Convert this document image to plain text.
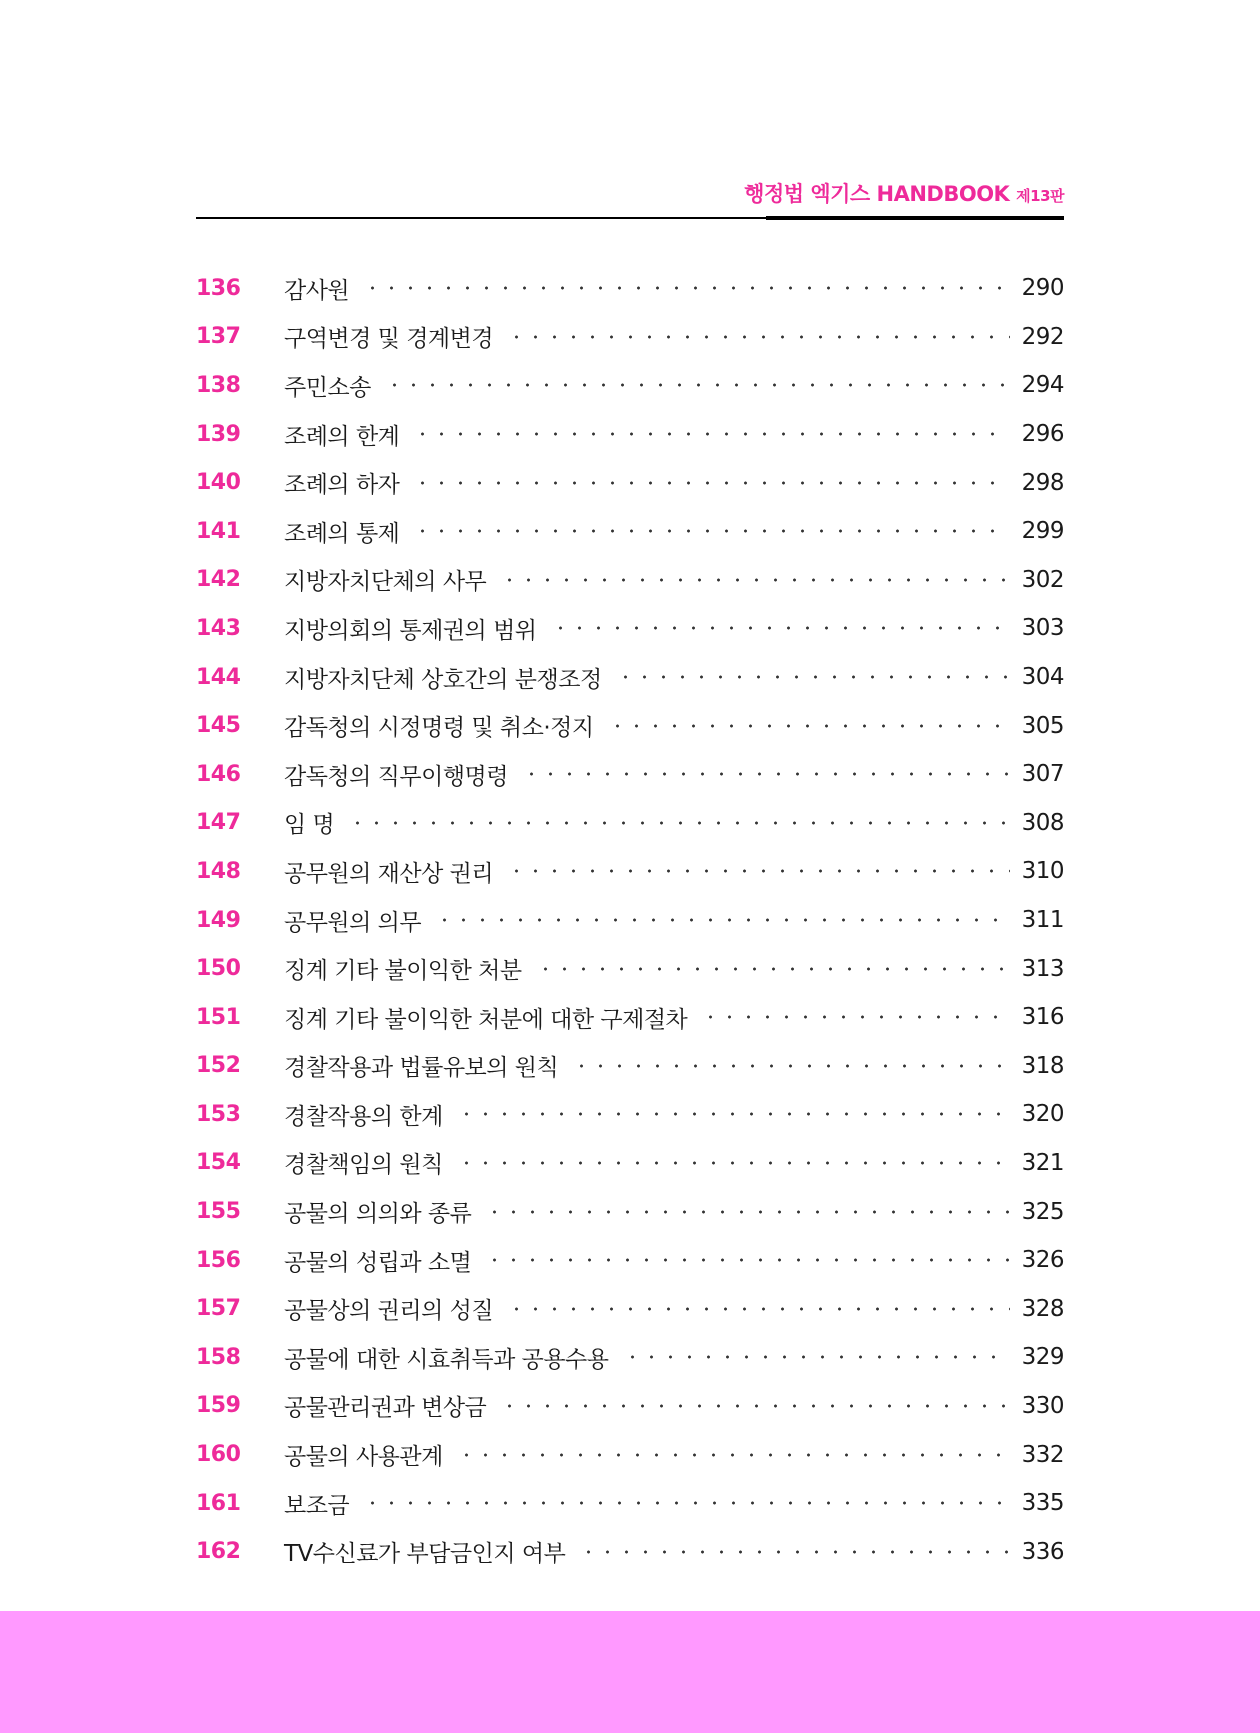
행정법 엑기스 HANDBOOK 제13판
136	감사원	290
137	구역변경 및 경계변경	292
138	주민소송	294
139	조례의 한계	296
140	조례의 하자	298
141	조례의 통제	299
142	지방자치단체의 사무	302
143	지방의회의 통제권의 범위	303
144	지방자치단체 상호간의 분쟁조정	304
145	감독청의 시정명령 및 취소·정지	305
146	감독청의 직무이행명령	307
147	임 명	308
148	공무원의 재산상 권리	310
149	공무원의 의무	311
150	징계 기타 불이익한 처분	313
151	징계 기타 불이익한 처분에 대한 구제절차	316
152	경찰작용과 법률유보의 원칙	318
153	경찰작용의 한계	320
154	경찰책임의 원칙	321
155	공물의 의의와 종류	325
156	공물의 성립과 소멸	326
157	공물상의 권리의 성질	328
158	공물에 대한 시효취득과 공용수용	329
159	공물관리권과 변상금	330
160	공물의 사용관계	332
161	보조금	335
162	TV수신료가 부담금인지 여부	336
